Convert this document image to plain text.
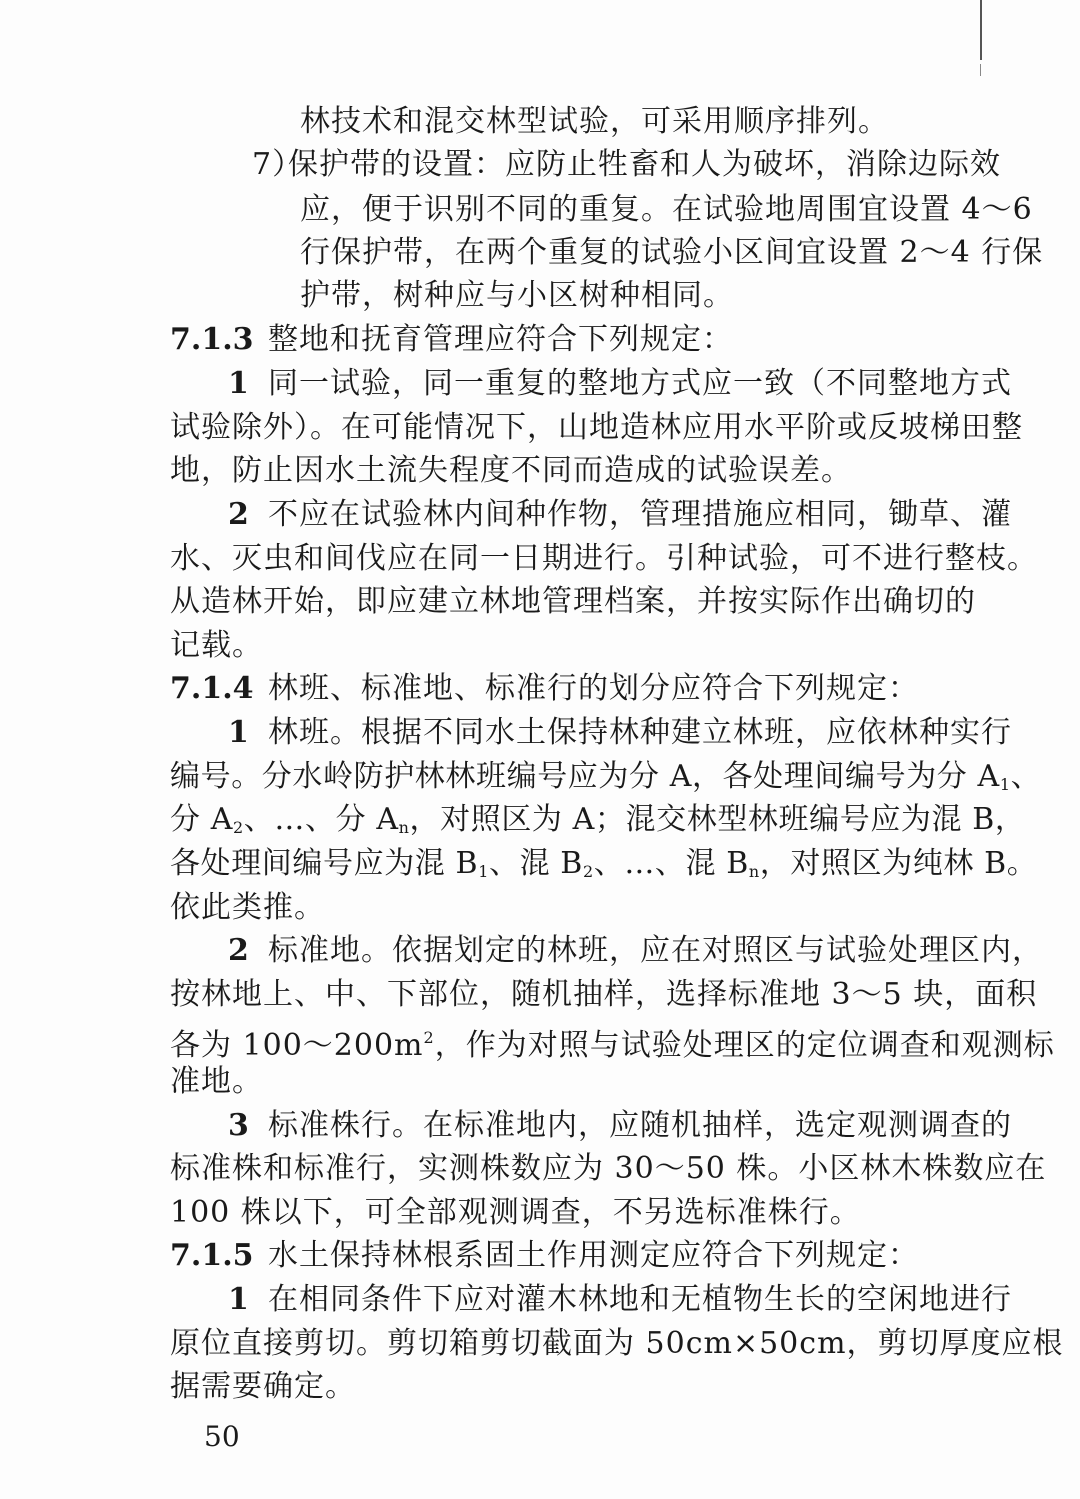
林技术和混交林型试验，可采用顺序排列。
7）保护带的设置：应防止牲畜和人为破坏，消除边际效
应，便于识别不同的重复。在试验地周围宜设置 4～6
行保护带，在两个重复的试验小区间宜设置 2～4 行保
护带，树种应与小区树种相同。
7.1.3 整地和抚育管理应符合下列规定：
1 同一试验，同一重复的整地方式应一致（不同整地方式
试验除外）。在可能情况下，山地造林应用水平阶或反坡梯田整
地，防止因水土流失程度不同而造成的试验误差。
2 不应在试验林内间种作物，管理措施应相同，锄草、灌
水、灭虫和间伐应在同一日期进行。引种试验，可不进行整枝。
从造林开始，即应建立林地管理档案，并按实际作出确切的
记载。
7.1.4 林班、标准地、标准行的划分应符合下列规定：
1 林班。根据不同水土保持林种建立林班，应依林种实行
编号。分水岭防护林林班编号应为分 A，各处理间编号为分 $A_1$、
分 $A_2$、…、分 $A_n$，对照区为 A；混交林型林班编号应为混 B，
各处理间编号应为混 $B_1$、混 $B_2$、…、混 $B_n$，对照区为纯林 B。
依此类推。
2 标准地。依据划定的林班，应在对照区与试验处理区内，
按林地上、中、下部位，随机抽样，选择标准地 3～5 块，面积
各为 $100\sim 200m^2$，作为对照与试验处理区的定位调查和观测标
准地。
3 标准株行。在标准地内，应随机抽样，选定观测调查的
标准株和标准行，实测株数应为 30～50 株。小区林木株数应在
100 株以下，可全部观测调查，不另选标准株行。
7.1.5 水土保持林根系固土作用测定应符合下列规定：
1 在相同条件下应对灌木林地和无植物生长的空闲地进行
原位直接剪切。剪切箱剪切截面为 50cm×50cm，剪切厚度应根
据需要确定。
50
